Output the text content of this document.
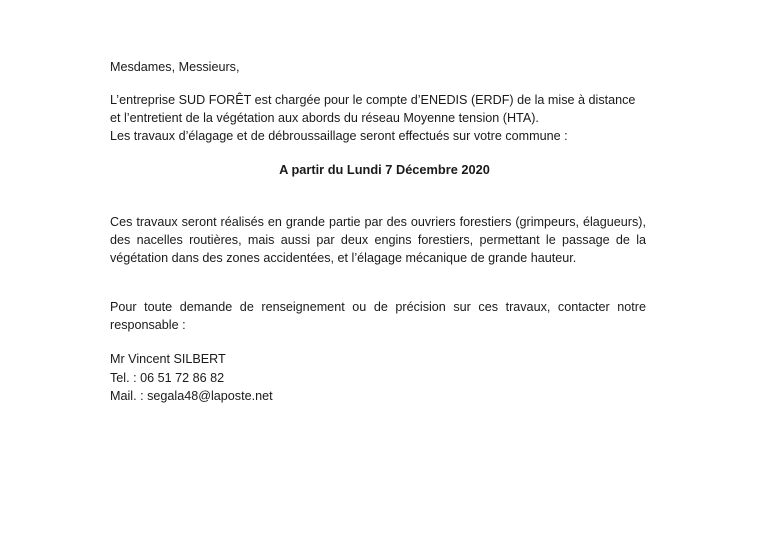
Mesdames, Messieurs,

L’entreprise SUD FORÊT est chargée pour le compte d’ENEDIS (ERDF) de la mise à distance

et l’entretient de la végétation aux abords du réseau Moyenne tension (HTA).

Les travaux d’élagage et de débroussaillage seront effectués sur votre commune :

A partir du Lundi 7 Décembre 2020

Ces travaux seront réalisés en grande partie par des ouvriers forestiers (grimpeurs, élagueurs), des nacelles routières, mais aussi par deux engins forestiers, permettant le passage de la végétation dans des zones accidentées, et l’élagage mécanique de grande hauteur.

Pour toute demande de renseignement ou de précision sur ces travaux, contacter notre responsable :

Mr Vincent SILBERT

Tel. : 06 51 72 86 82

Mail. : segala48@laposte.net
